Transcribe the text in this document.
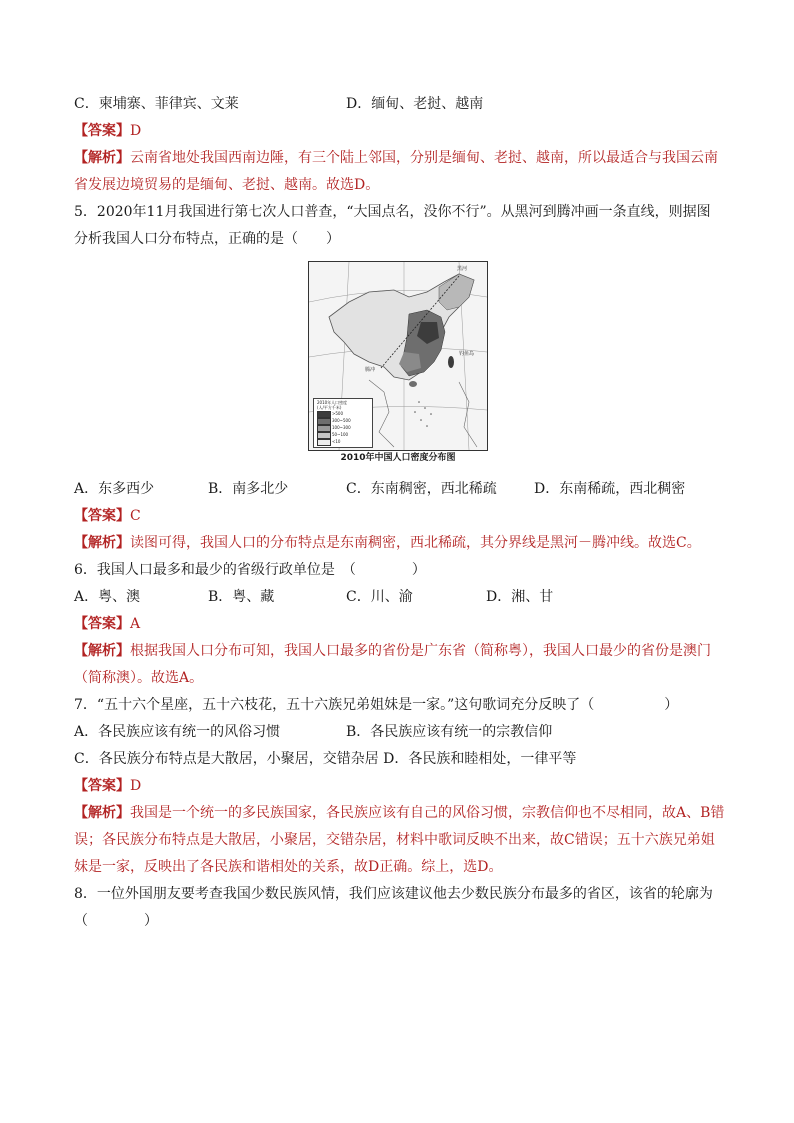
C．柬埔寨、菲律宾、文莱	D．缅甸、老挝、越南
【答案】D
【解析】云南省地处我国西南边陲，有三个陆上邻国，分别是缅甸、老挝、越南，所以最适合与我国云南
省发展边境贸易的是缅甸、老挝、越南。故选D。
5．2020年11月我国进行第七次人口普查，“大国点名，没你不行”。从黑河到腾冲画一条直线，则据图
分析我国人口分布特点，正确的是（　　）
黑河
腾冲
钓鱼岛
2010年人口密度
(人/平方千米)
>500
300~500
100~300
50~100
<10
2010年中国人口密度分布图
A．东多西少	B．南多北少	C．东南稠密，西北稀疏	D．东南稀疏，西北稠密
【答案】C
【解析】读图可得，我国人口的分布特点是东南稠密，西北稀疏，其分界线是黑河－腾冲线。故选C。
6．我国人口最多和最少的省级行政单位是　（　　　　）
A．粤、澳	B．粤、藏	C．川、渝	D．湘、甘
【答案】A
【解析】根据我国人口分布可知，我国人口最多的省份是广东省（简称粤），我国人口最少的省份是澳门
（简称澳）。故选A。
7．“五十六个星座，五十六枝花，五十六族兄弟姐妹是一家。”这句歌词充分反映了（　　　　　）
A．各民族应该有统一的风俗习惯	B．各民族应该有统一的宗教信仰
C．各民族分布特点是大散居，小聚居，交错杂居 D．各民族和睦相处，一律平等
【答案】D
【解析】我国是一个统一的多民族国家，各民族应该有自己的风俗习惯，宗教信仰也不尽相同，故A、B错
误；各民族分布特点是大散居，小聚居，交错杂居，材料中歌词反映不出来，故C错误；五十六族兄弟姐
妹是一家，反映出了各民族和谐相处的关系，故D正确。综上，选D。
8．一位外国朋友要考查我国少数民族风情，我们应该建议他去少数民族分布最多的省区，该省的轮廓为
（　　　　）
